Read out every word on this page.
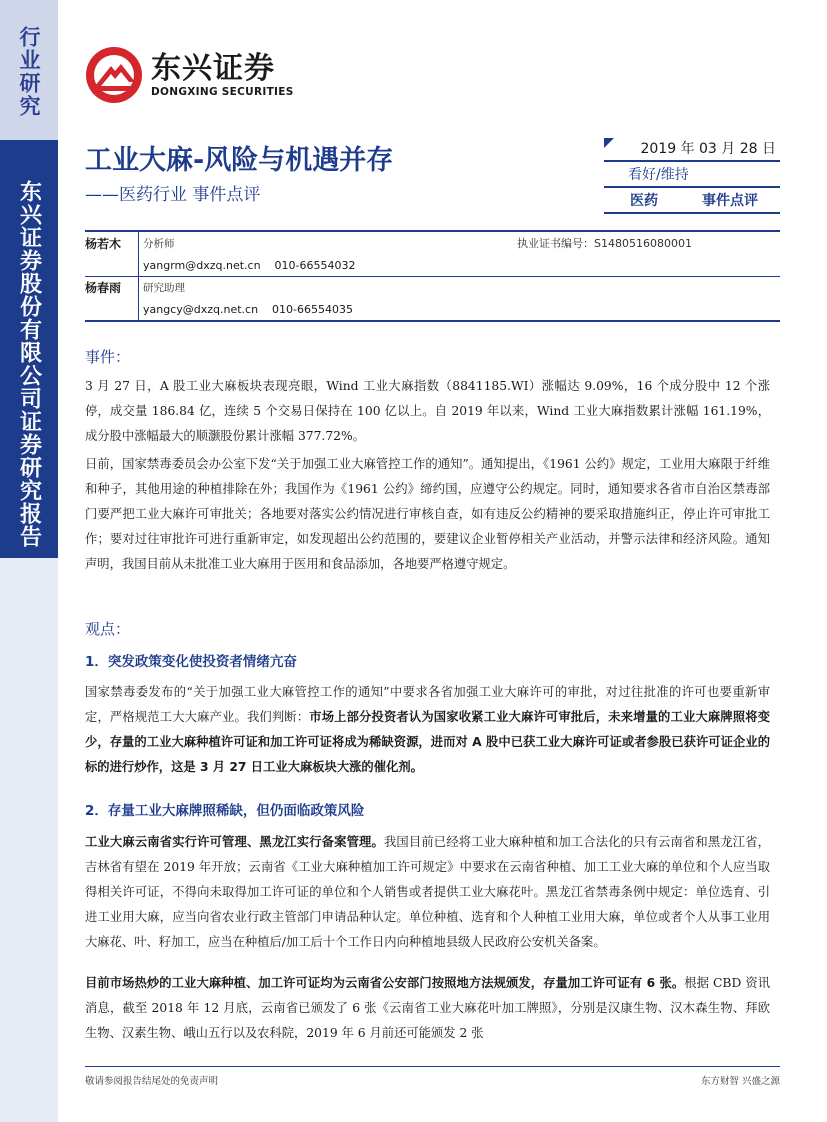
行业研究
东兴证券股份有限公司证券研究报告
东兴证券
DONGXING SECURITIES
工业大麻-风险与机遇并存
——医药行业 事件点评
2019 年 03 月 28 日
看好/维持
医药	事件点评
杨若木	分析师	执业证书编号：S1480516080001
yangrm@dxzq.net.cn    010-66554032
杨春雨	研究助理
yangcy@dxzq.net.cn    010-66554035
事件：
3 月 27 日，A 股工业大麻板块表现亮眼，Wind 工业大麻指数（8841185.WI）涨幅达 9.09%，16 个成分股中 12 个涨停，成交量 186.84 亿，连续 5 个交易日保持在 100 亿以上。自 2019 年以来，Wind 工业大麻指数累计涨幅 161.19%，成分股中涨幅最大的顺灏股份累计涨幅 377.72%。
日前，国家禁毒委员会办公室下发“关于加强工业大麻管控工作的通知”。通知提出，《1961 公约》规定，工业用大麻限于纤维和种子，其他用途的种植排除在外；我国作为《1961 公约》缔约国，应遵守公约规定。同时，通知要求各省市自治区禁毒部门要严把工业大麻许可审批关；各地要对落实公约情况进行审核自查，如有违反公约精神的要采取措施纠正，停止许可审批工作；要对过往审批许可进行重新审定，如发现超出公约范围的，要建议企业暂停相关产业活动，并警示法律和经济风险。通知声明，我国目前从未批准工业大麻用于医用和食品添加，各地要严格遵守规定。
观点：
1．突发政策变化使投资者情绪亢奋
国家禁毒委发布的“关于加强工业大麻管控工作的通知”中要求各省加强工业大麻许可的审批，对过往批准的许可也要重新审定，严格规范工大大麻产业。我们判断：市场上部分投资者认为国家收紧工业大麻许可审批后，未来增量的工业大麻牌照将变少，存量的工业大麻种植许可证和加工许可证将成为稀缺资源，进而对 A 股中已获工业大麻许可证或者参股已获许可证企业的标的进行炒作，这是 3 月 27 日工业大麻板块大涨的催化剂。
2．存量工业大麻牌照稀缺，但仍面临政策风险
工业大麻云南省实行许可管理、黑龙江实行备案管理。我国目前已经将工业大麻种植和加工合法化的只有云南省和黑龙江省，吉林省有望在 2019 年开放；云南省《工业大麻种植加工许可规定》中要求在云南省种植、加工工业大麻的单位和个人应当取得相关许可证，不得向未取得加工许可证的单位和个人销售或者提供工业大麻花叶。黑龙江省禁毒条例中规定：单位选育、引进工业用大麻，应当向省农业行政主管部门申请品种认定。单位种植、选育和个人种植工业用大麻，单位或者个人从事工业用大麻花、叶、籽加工，应当在种植后/加工后十个工作日内向种植地县级人民政府公安机关备案。
目前市场热炒的工业大麻种植、加工许可证均为云南省公安部门按照地方法规颁发，存量加工许可证有 6 张。根据 CBD 资讯消息，截至 2018 年 12 月底，云南省已颁发了 6 张《云南省工业大麻花叶加工牌照》，分别是汉康生物、汉木森生物、拜欧生物、汉素生物、峨山五行以及农科院，2019 年 6 月前还可能颁发 2 张
敬请参阅报告结尾处的免责声明	东方财智 兴盛之源
